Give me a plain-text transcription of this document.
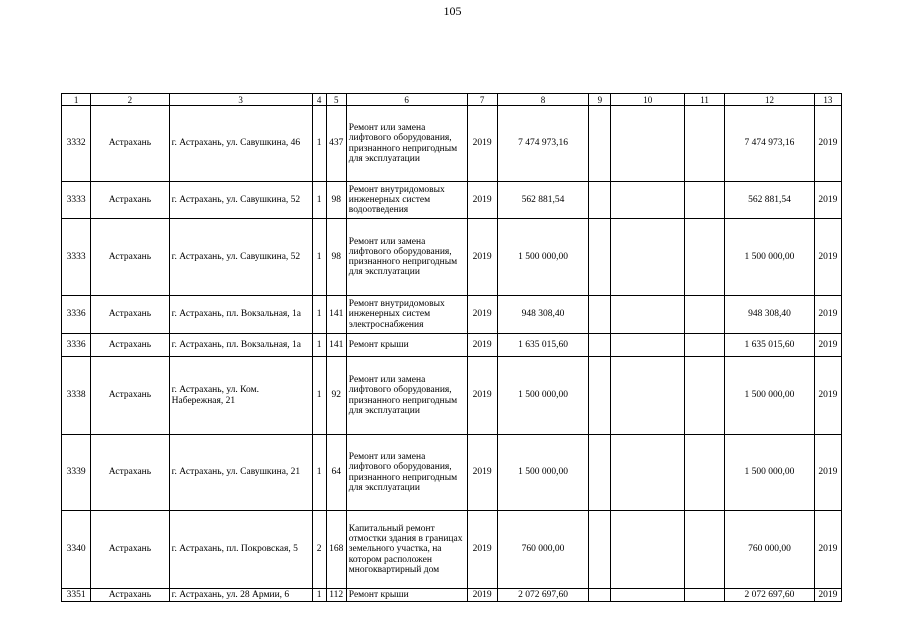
105
1	2	3	4	5	6	7	8	9	10	11	12	13
3332	Астрахань	г. Астрахань, ул. Савушкина, 46	1	437	Ремонт или замена лифтового оборудования, признанного непригодным для эксплуатации	2019	7 474 973,16				7 474 973,16	2019
3333	Астрахань	г. Астрахань, ул. Савушкина, 52	1	98	Ремонт внутридомовых инженерных систем водоотведения	2019	562 881,54				562 881,54	2019
3333	Астрахань	г. Астрахань, ул. Савушкина, 52	1	98	Ремонт или замена лифтового оборудования, признанного непригодным для эксплуатации	2019	1 500 000,00				1 500 000,00	2019
3336	Астрахань	г. Астрахань, пл. Вокзальная, 1а	1	141	Ремонт внутридомовых инженерных систем электроснабжения	2019	948 308,40				948 308,40	2019
3336	Астрахань	г. Астрахань, пл. Вокзальная, 1а	1	141	Ремонт крыши	2019	1 635 015,60				1 635 015,60	2019
3338	Астрахань	г. Астрахань, ул. Ком. Набережная, 21	1	92	Ремонт или замена лифтового оборудования, признанного непригодным для эксплуатации	2019	1 500 000,00				1 500 000,00	2019
3339	Астрахань	г. Астрахань, ул. Савушкина, 21	1	64	Ремонт или замена лифтового оборудования, признанного непригодным для эксплуатации	2019	1 500 000,00				1 500 000,00	2019
3340	Астрахань	г. Астрахань, пл. Покровская, 5	2	168	Капитальный ремонт отмостки здания в границах земельного участка, на котором расположен многоквартирный дом	2019	760 000,00				760 000,00	2019
3351	Астрахань	г. Астрахань, ул. 28 Армии, 6	1	112	Ремонт крыши	2019	2 072 697,60				2 072 697,60	2019
